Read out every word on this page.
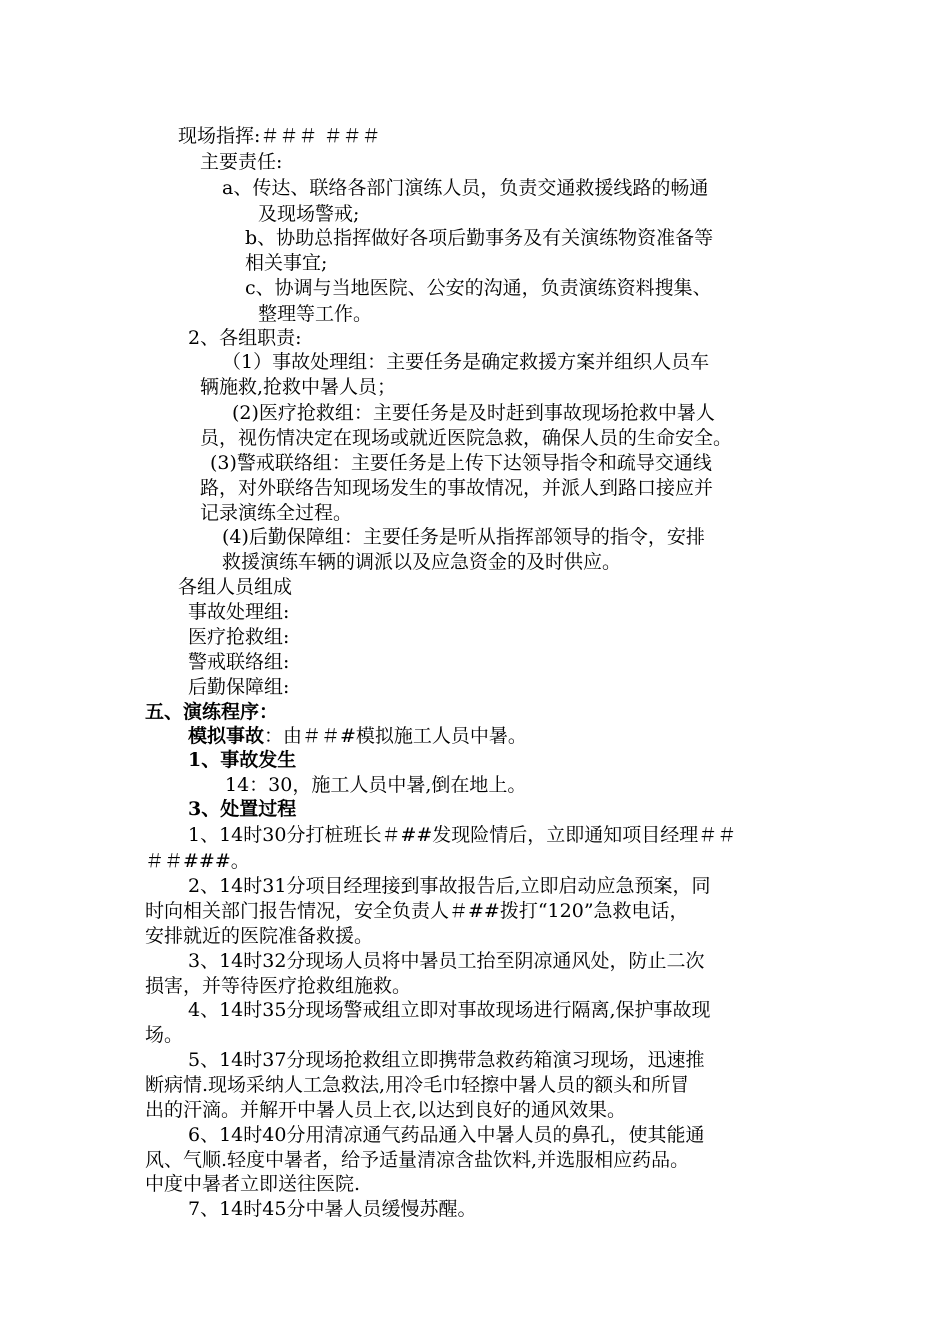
现场指挥:＃＃＃ ＃＃＃
主要责任:
a、传达、联络各部门演练人员，负责交通救援线路的畅通
及现场警戒;
b、协助总指挥做好各项后勤事务及有关演练物资准备等
相关事宜;
c、协调与当地医院、公安的沟通，负责演练资料搜集、
整理等工作。
2、各组职责:
（1）事故处理组：主要任务是确定救援方案并组织人员车
辆施救,抢救中暑人员；
(2)医疗抢救组：主要任务是及时赶到事故现场抢救中暑人
员，视伤情决定在现场或就近医院急救，确保人员的生命安全。
(3)警戒联络组：主要任务是上传下达领导指令和疏导交通线
路，对外联络告知现场发生的事故情况，并派人到路口接应并
记录演练全过程。
(4)后勤保障组：主要任务是听从指挥部领导的指令，安排
救援演练车辆的调派以及应急资金的及时供应。
各组人员组成
事故处理组:
医疗抢救组:
警戒联络组:
后勤保障组:
五、演练程序：
模拟事故：由＃＃#模拟施工人员中暑。
1、事故发生
14：30，施工人员中暑,倒在地上。
3、处置过程
1、14时30分打桩班长＃##发现险情后，立即通知项目经理＃＃
＃＃###。
2、14时31分项目经理接到事故报告后,立即启动应急预案，同
时向相关部门报告情况，安全负责人＃##拨打“120”急救电话，
安排就近的医院准备救援。
3、14时32分现场人员将中暑员工抬至阴凉通风处，防止二次
损害，并等待医疗抢救组施救。
4、14时35分现场警戒组立即对事故现场进行隔离,保护事故现
场。
5、14时37分现场抢救组立即携带急救药箱演习现场，迅速推
断病情.现场采纳人工急救法,用冷毛巾轻擦中暑人员的额头和所冒
出的汗滴。并解开中暑人员上衣,以达到良好的通风效果。
6、14时40分用清凉通气药品通入中暑人员的鼻孔，使其能通
风、气顺.轻度中暑者，给予适量清凉含盐饮料,并选服相应药品。
中度中暑者立即送往医院.
7、14时45分中暑人员缓慢苏醒。
